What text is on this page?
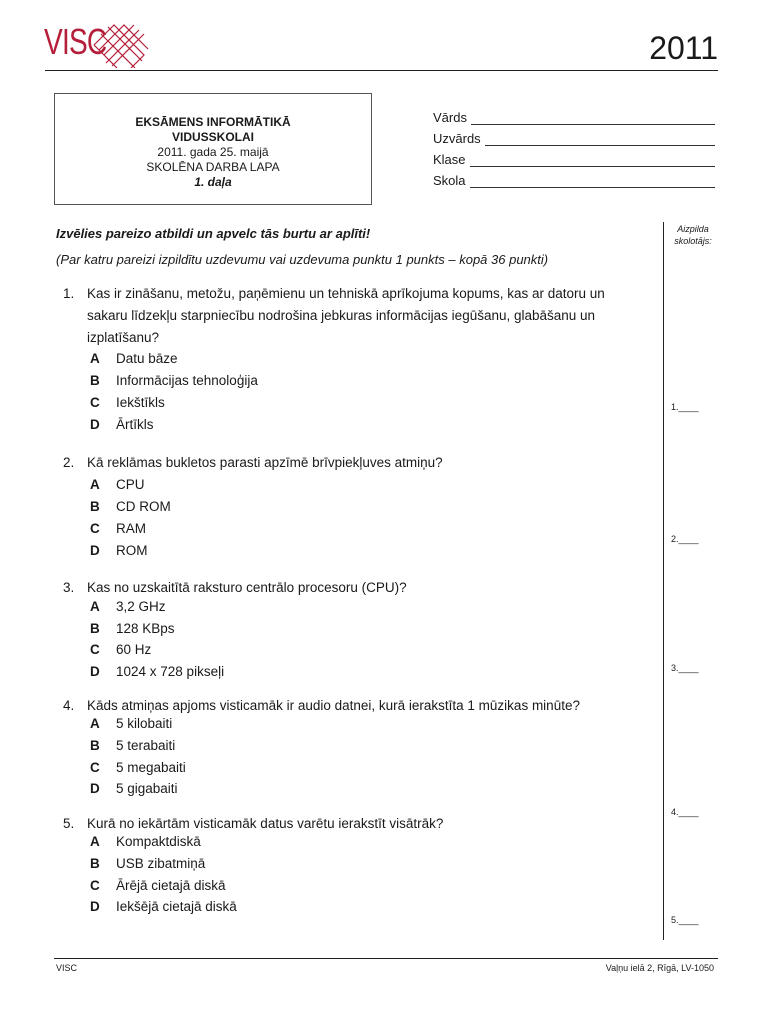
VISC	2011
EKSĀMENS INFORMĀTIKĀ
VIDUSSKOLAI
2011. gada 25. maijā
SKOLĒNA DARBA LAPA
1. daļa
Vārds
Uzvārds
Klase
Skola
Izvēlies pareizo atbildi un apvelc tās burtu ar aplīti!
(Par katru pareizi izpildītu uzdevumu vai uzdevuma punktu 1 punkts – kopā 36 punkti)
Aizpilda
skolotājs:
1. Kas ir zināšanu, metožu, paņēmienu un tehniskā aprīkojuma kopums, kas ar datoru un
sakaru līdzekļu starpniecību nodrošina jebkuras informācijas iegūšanu, glabāšanu un
izplatīšanu?
A Datu bāze
B Informācijas tehnoloģija
C Iekštīkls
D Ārtīkls
1.____
2. Kā reklāmas bukletos parasti apzīmē brīvpiekļuves atmiņu?
A CPU
B CD ROM
C RAM
D ROM
2.____
3. Kas no uzskaitītā raksturo centrālo procesoru (CPU)?
A 3,2 GHz
B 128 KBps
C 60 Hz
D 1024 x 728 pikseļi	3.____
4. Kāds atmiņas apjoms visticamāk ir audio datnei, kurā ierakstīta 1 mūzikas minūte?
A 5 kilobaiti
B 5 terabaiti
C 5 megabaiti
D 5 gigabaiti
4.____
5. Kurā no iekārtām visticamāk datus varētu ierakstīt visātrāk?
A Kompaktdiskā
B USB zibatmiņā
C Ārējā cietajā diskā
D Iekšējā cietajā diskā
5.____
VISC	Vaļņu ielā 2, Rīgā, LV-1050
